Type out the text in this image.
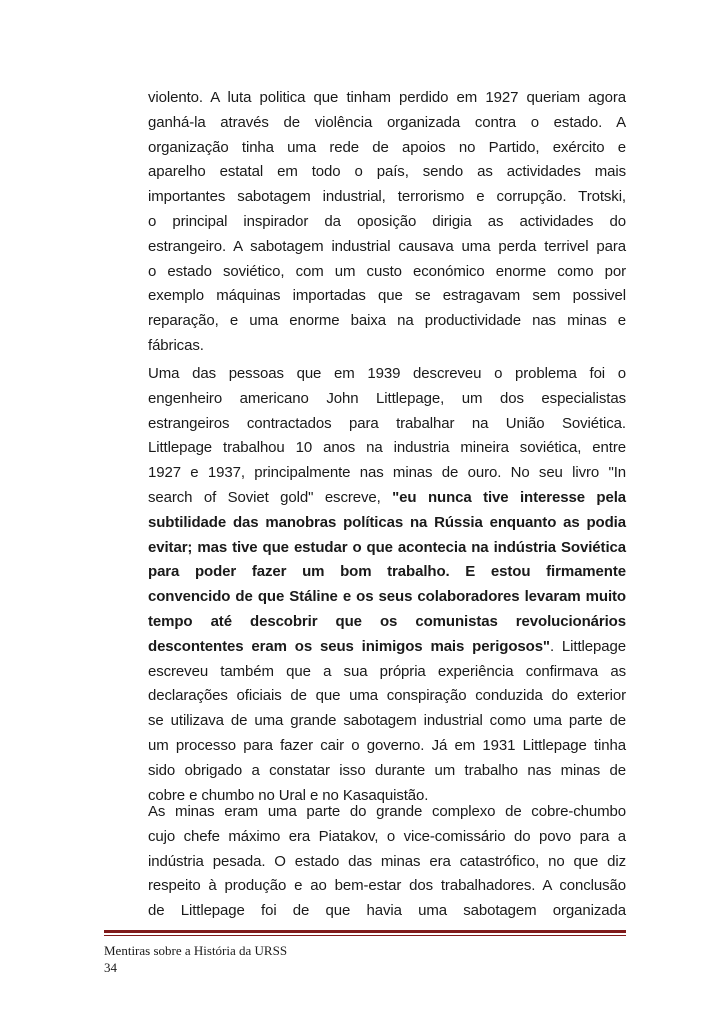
violento. A luta politica que tinham perdido em 1927 queriam agora
ganhá-la através de violência organizada contra o estado. A
organização tinha uma rede de apoios no Partido, exército e
aparelho estatal em todo o país, sendo as actividades mais
importantes sabotagem industrial, terrorismo e corrupção. Trotski,
o principal inspirador da oposição dirigia as actividades do
estrangeiro. A sabotagem industrial causava uma perda terrivel para
o estado soviético, com um custo económico enorme como por
exemplo máquinas importadas que se estragavam sem possivel
reparação, e uma enorme baixa na productividade nas minas e
fábricas.
Uma das pessoas que em 1939 descreveu o problema foi o
engenheiro americano John Littlepage, um dos especialistas
estrangeiros contractados para trabalhar na União Soviética.
Littlepage trabalhou 10 anos na industria mineira soviética, entre
1927 e 1937, principalmente nas minas de ouro. No seu livro "In
search of Soviet gold" escreve, "eu nunca tive interesse pela
subtilidade das manobras políticas na Rússia enquanto as podia
evitar; mas tive que estudar o que acontecia na indústria Soviética
para poder fazer um bom trabalho. E estou firmamente
convencido de que Stáline e os seus colaboradores levaram muito
tempo até descobrir que os comunistas revolucionários
descontentes eram os seus inimigos mais perigosos". Littlepage
escreveu também que a sua própria experiência confirmava as
declarações oficiais de que uma conspiração conduzida do exterior
se utilizava de uma grande sabotagem industrial como uma parte de
um processo para fazer cair o governo. Já em 1931 Littlepage tinha
sido obrigado a constatar isso durante um trabalho nas minas de
cobre e chumbo no Ural e no Kasaquistão.
As minas eram uma parte do grande complexo de cobre-chumbo
cujo chefe máximo era Piatakov, o vice-comissário do povo para a
indústria pesada. O estado das minas era catastrófico, no que diz
respeito à produção e ao bem-estar dos trabalhadores. A conclusão
de Littlepage foi de que havia uma sabotagem organizada
Mentiras sobre a História da URSS
34
